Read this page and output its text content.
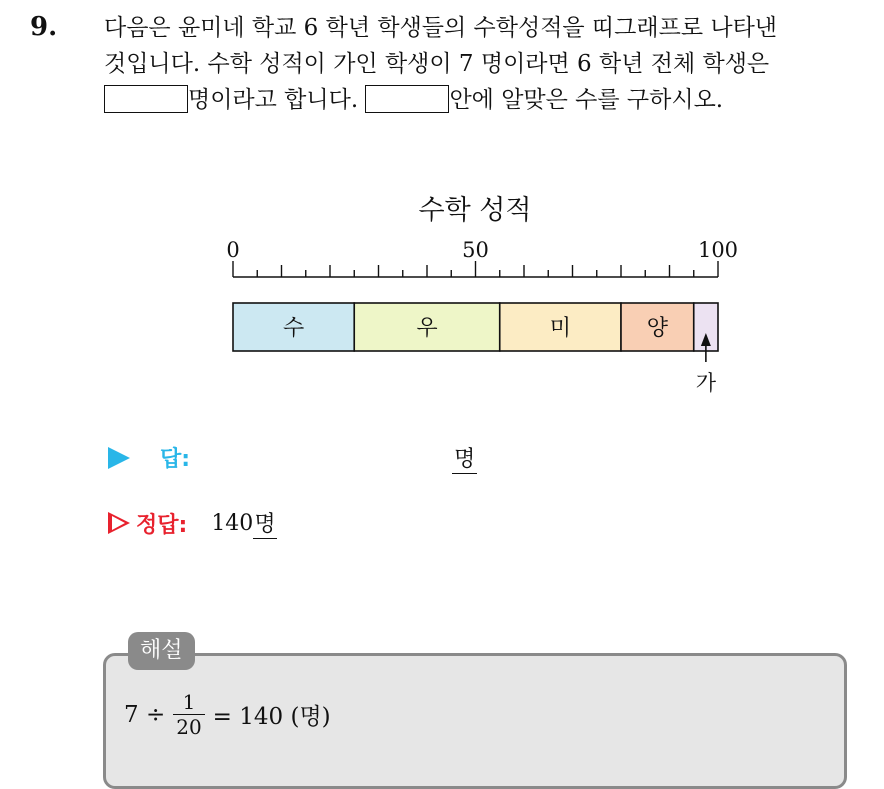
9. 다음은 윤미네 학교 6 학년 학생들의 수학성적을 띠그래프로 나타낸
것입니다. 수학 성적이 가인 학생이 7 명이라면 6 학년 전체 학생은
명이라고 합니다.	안에 알맞은 수를 구하시오.
수학 성적
0	50	100
수	우	미	양
가
답:	명
정답: 140 명
해설
$7 \div \frac{1}{20} = 140$ (명)
